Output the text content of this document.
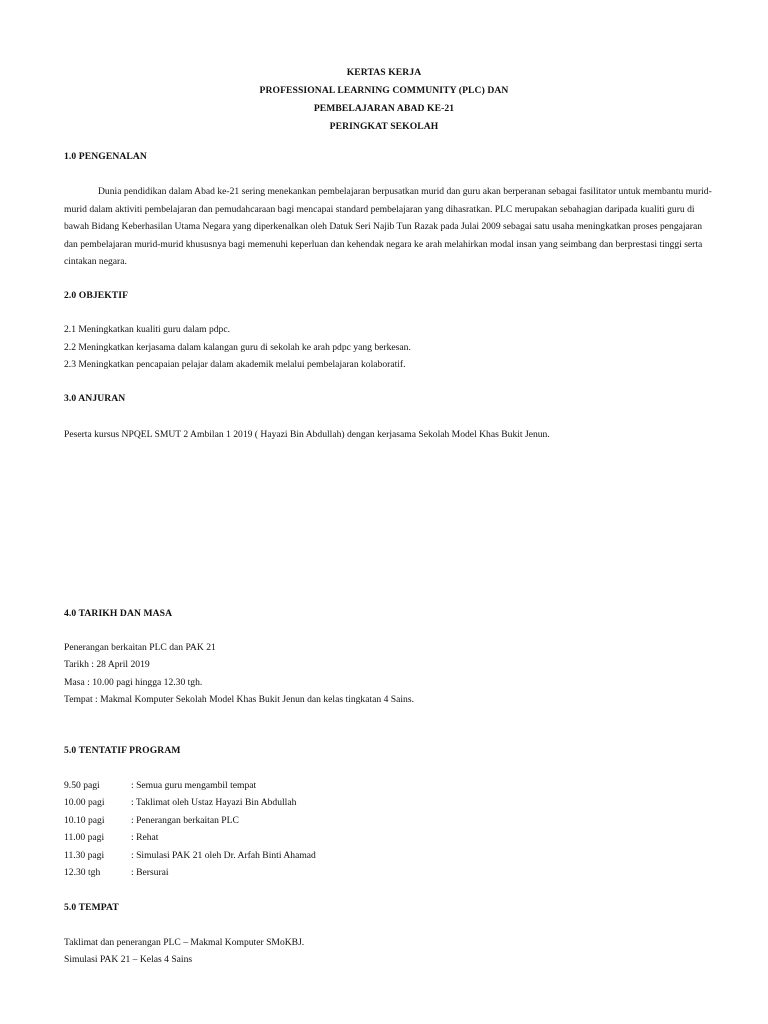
KERTAS KERJA
PROFESSIONAL LEARNING COMMUNITY (PLC) DAN
PEMBELAJARAN ABAD KE-21
PERINGKAT SEKOLAH
1.0 PENGENALAN
Dunia pendidikan dalam Abad ke-21 sering menekankan pembelajaran berpusatkan murid dan guru akan berperanan sebagai fasilitator untuk membantu murid-murid dalam aktiviti pembelajaran dan pemudahcaraan bagi mencapai standard pembelajaran yang dihasratkan. PLC merupakan sebahagian daripada kualiti guru di bawah Bidang Keberhasilan Utama Negara yang diperkenalkan oleh Datuk Seri Najib Tun Razak pada Julai 2009 sebagai satu usaha meningkatkan proses pengajaran dan pembelajaran murid-murid khususnya bagi memenuhi keperluan dan kehendak negara ke arah melahirkan modal insan yang seimbang dan berprestasi tinggi serta cintakan negara.
2.0 OBJEKTIF
2.1 Meningkatkan kualiti guru dalam pdpc.
2.2 Meningkatkan kerjasama dalam kalangan guru di sekolah ke arah pdpc yang berkesan.
2.3 Meningkatkan pencapaian pelajar dalam akademik melalui pembelajaran kolaboratif.
3.0 ANJURAN
Peserta kursus NPQEL SMUT 2 Ambilan 1 2019 ( Hayazi Bin Abdullah) dengan kerjasama Sekolah Model Khas Bukit Jenun.
4.0 TARIKH DAN MASA
Penerangan berkaitan PLC dan PAK 21
Tarikh : 28 April 2019
Masa : 10.00 pagi hingga 12.30 tgh.
Tempat : Makmal Komputer Sekolah Model Khas Bukit Jenun dan kelas tingkatan 4 Sains.
5.0 TENTATIF PROGRAM
9.50 pagi	: Semua guru mengambil tempat
10.00 pagi	: Taklimat oleh Ustaz Hayazi Bin Abdullah
10.10 pagi	: Penerangan berkaitan PLC
11.00 pagi	: Rehat
11.30 pagi	: Simulasi PAK 21 oleh Dr. Arfah Binti Ahamad
12.30 tgh	: Bersurai
5.0 TEMPAT
Taklimat dan penerangan PLC – Makmal Komputer SMoKBJ.
Simulasi PAK 21 – Kelas 4 Sains
